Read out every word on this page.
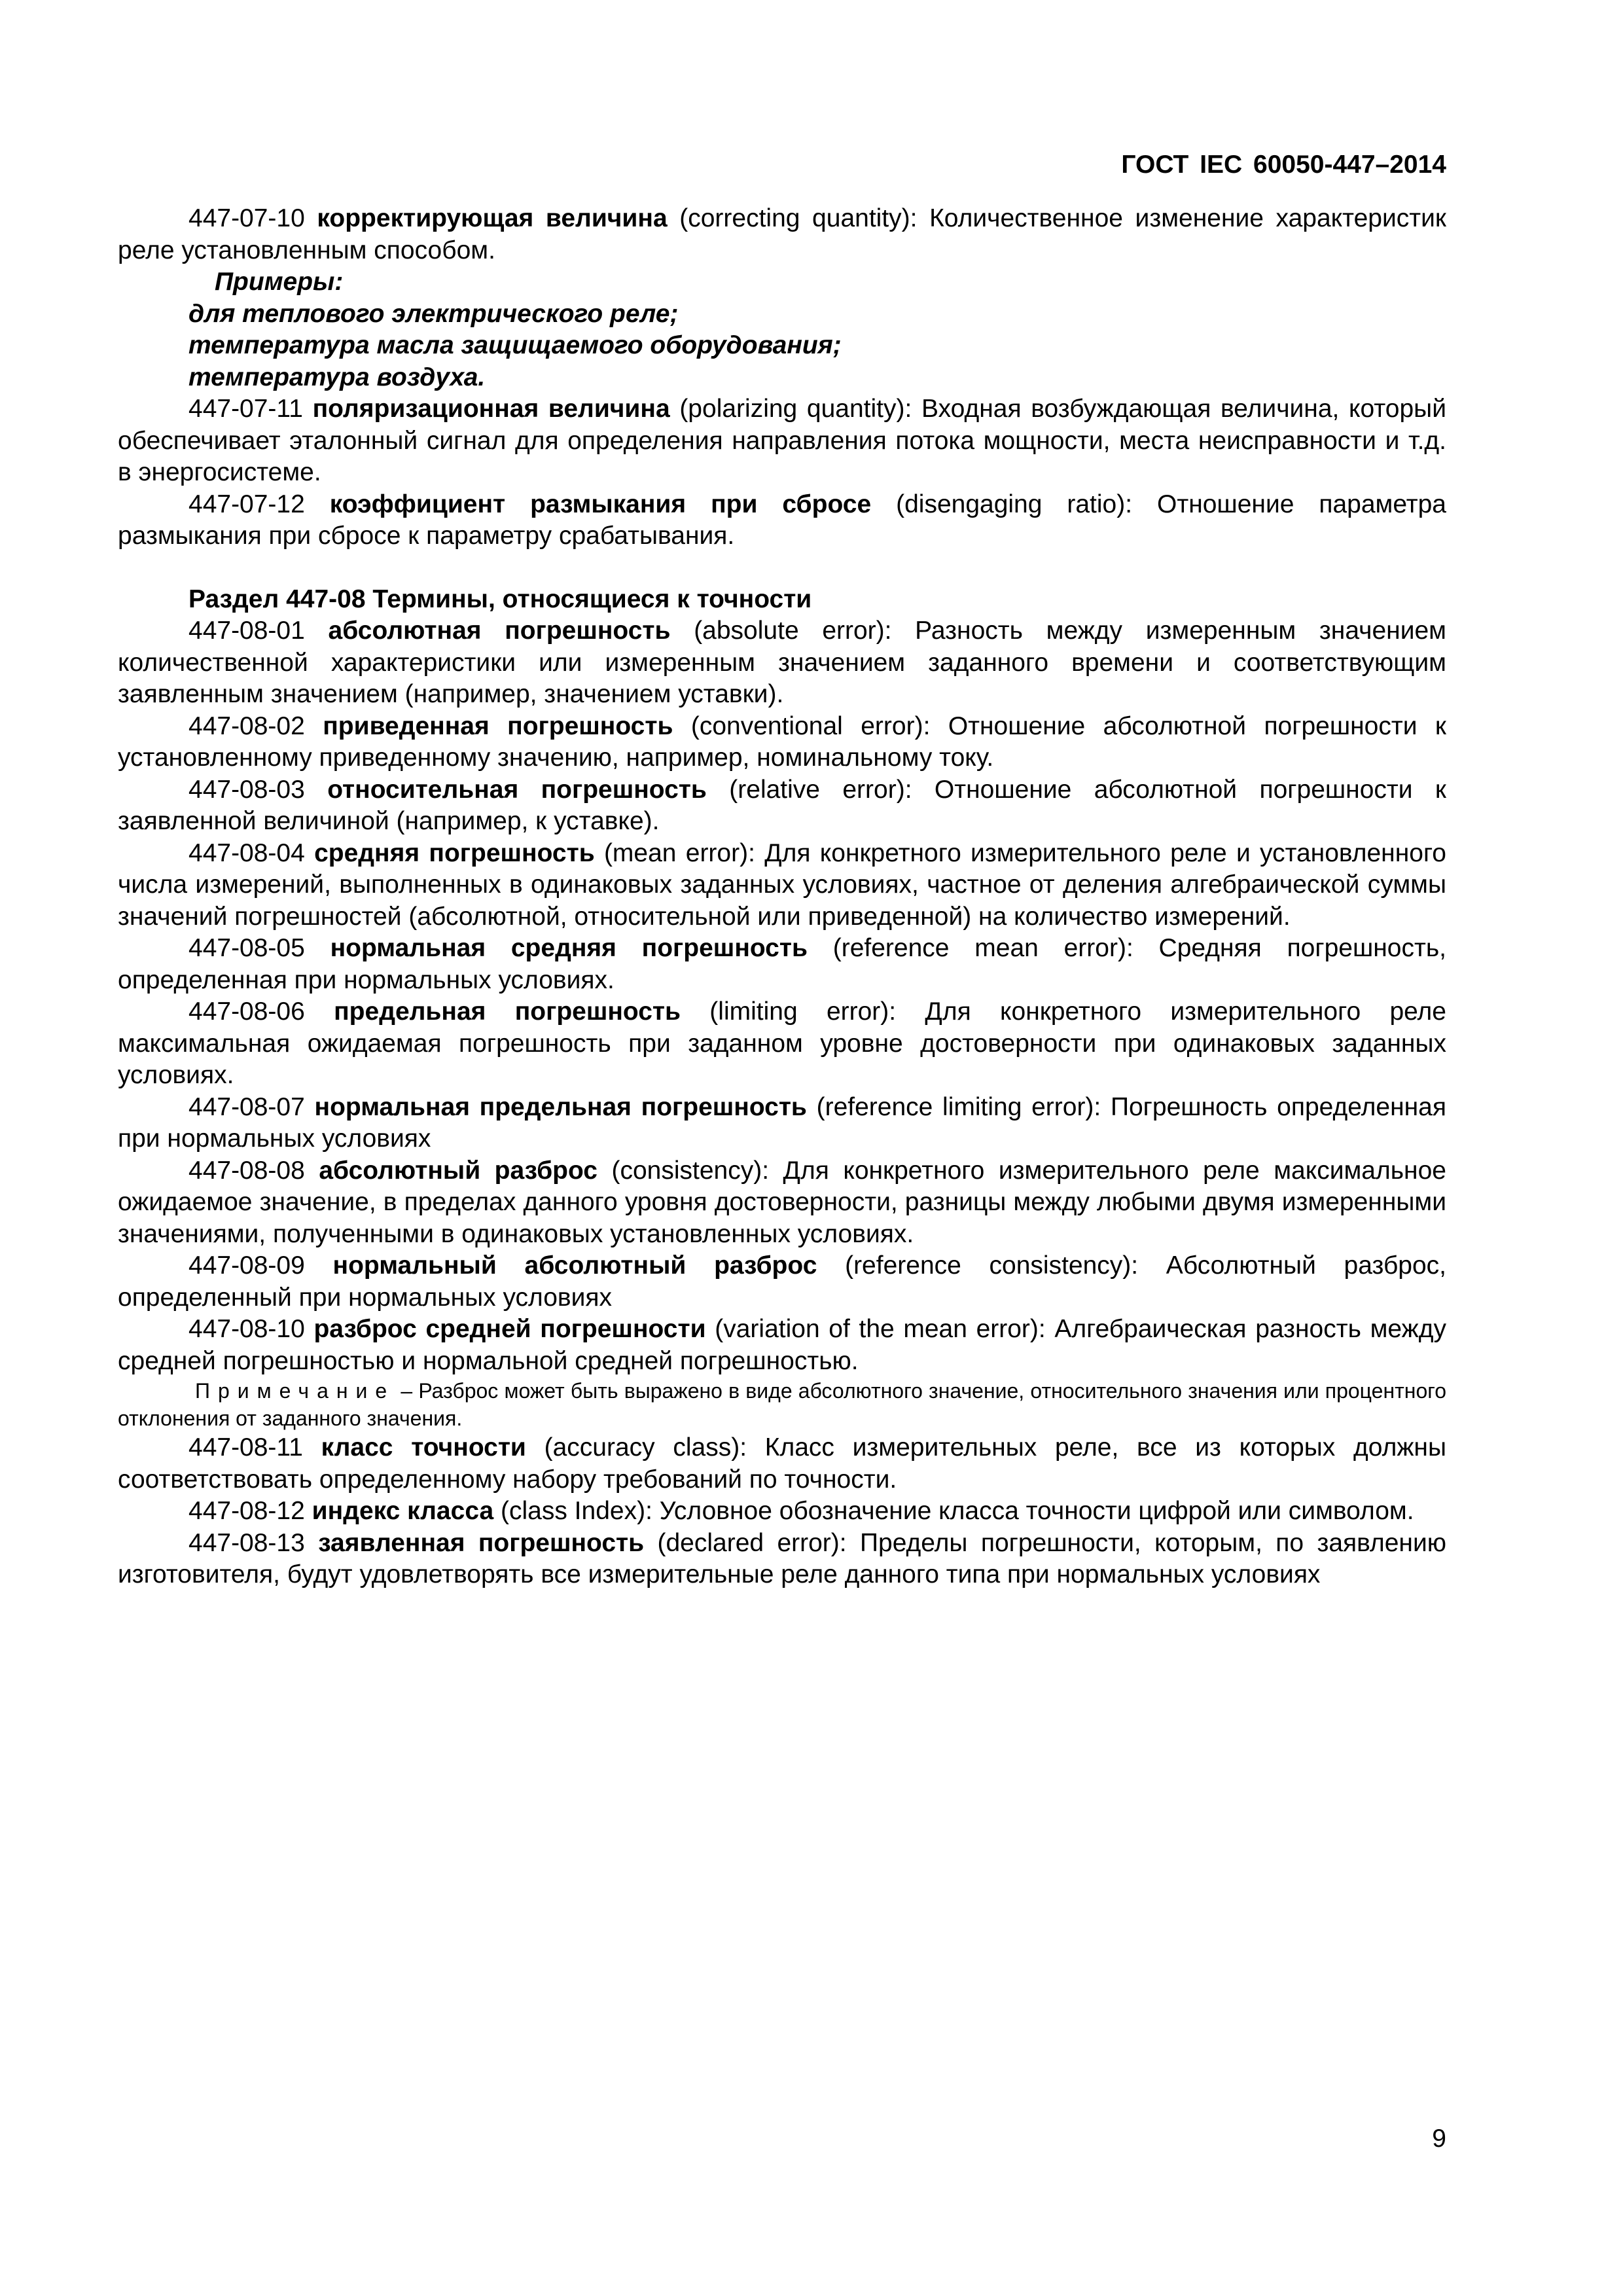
ГОСТ IEC 60050-447–2014

447-07-10 корректирующая величина (correcting quantity): Количественное изменение характеристик реле установленным способом.

Примеры:
для теплового электрического реле;
температура масла защищаемого оборудования;
температура воздуха.

447-07-11 поляризационная величина (polarizing quantity): Входная возбуждающая величина, который обеспечивает эталонный сигнал для определения направления потока мощности, места неисправности и т.д. в энергосистеме.

447-07-12 коэффициент размыкания при сбросе (disengaging ratio): Отношение параметра размыкания при сбросе к параметру срабатывания.

Раздел 447-08 Термины, относящиеся к точности

447-08-01 абсолютная погрешность (absolute error): Разность между измеренным значением количественной характеристики или измеренным значением заданного времени и соответствующим заявленным значением (например, значением уставки).

447-08-02 приведенная погрешность (conventional error): Отношение абсолютной погрешности к установленному приведенному значению, например, номинальному току.

447-08-03 относительная погрешность (relative error): Отношение абсолютной погрешности к заявленной величиной (например, к уставке).

447-08-04 средняя погрешность (mean error): Для конкретного измерительного реле и установленного числа измерений, выполненных в одинаковых заданных условиях, частное от деления алгебраической суммы значений погрешностей (абсолютной, относительной или приведенной) на количество измерений.

447-08-05 нормальная средняя погрешность (reference mean error): Средняя погрешность, определенная при нормальных условиях.

447-08-06 предельная погрешность (limiting error): Для конкретного измерительного реле максимальная ожидаемая погрешность при заданном уровне достоверности при одинаковых заданных условиях.

447-08-07 нормальная предельная погрешность (reference limiting error): Погрешность определенная при нормальных условиях

447-08-08 абсолютный разброс (consistency): Для конкретного измерительного реле максимальное ожидаемое значение, в пределах данного уровня достоверности, разницы между любыми двумя измеренными значениями, полученными в одинаковых установленных условиях.

447-08-09 нормальный абсолютный разброс (reference consistency): Абсолютный разброс, определенный при нормальных условиях

447-08-10 разброс средней погрешности (variation of the mean error): Алгебраическая разность между средней погрешностью и нормальной средней погрешностью.

Примечание – Разброс может быть выражено в виде абсолютного значение, относительного значения или процентного отклонения от заданного значения.

447-08-11 класс точности (accuracy class): Класс измерительных реле, все из которых должны соответствовать определенному набору требований по точности.

447-08-12 индекс класса (class Index): Условное обозначение класса точности цифрой или символом.

447-08-13 заявленная погрешность (declared error): Пределы погрешности, которым, по заявлению изготовителя, будут удовлетворять все измерительные реле данного типа при нормальных условиях

9
